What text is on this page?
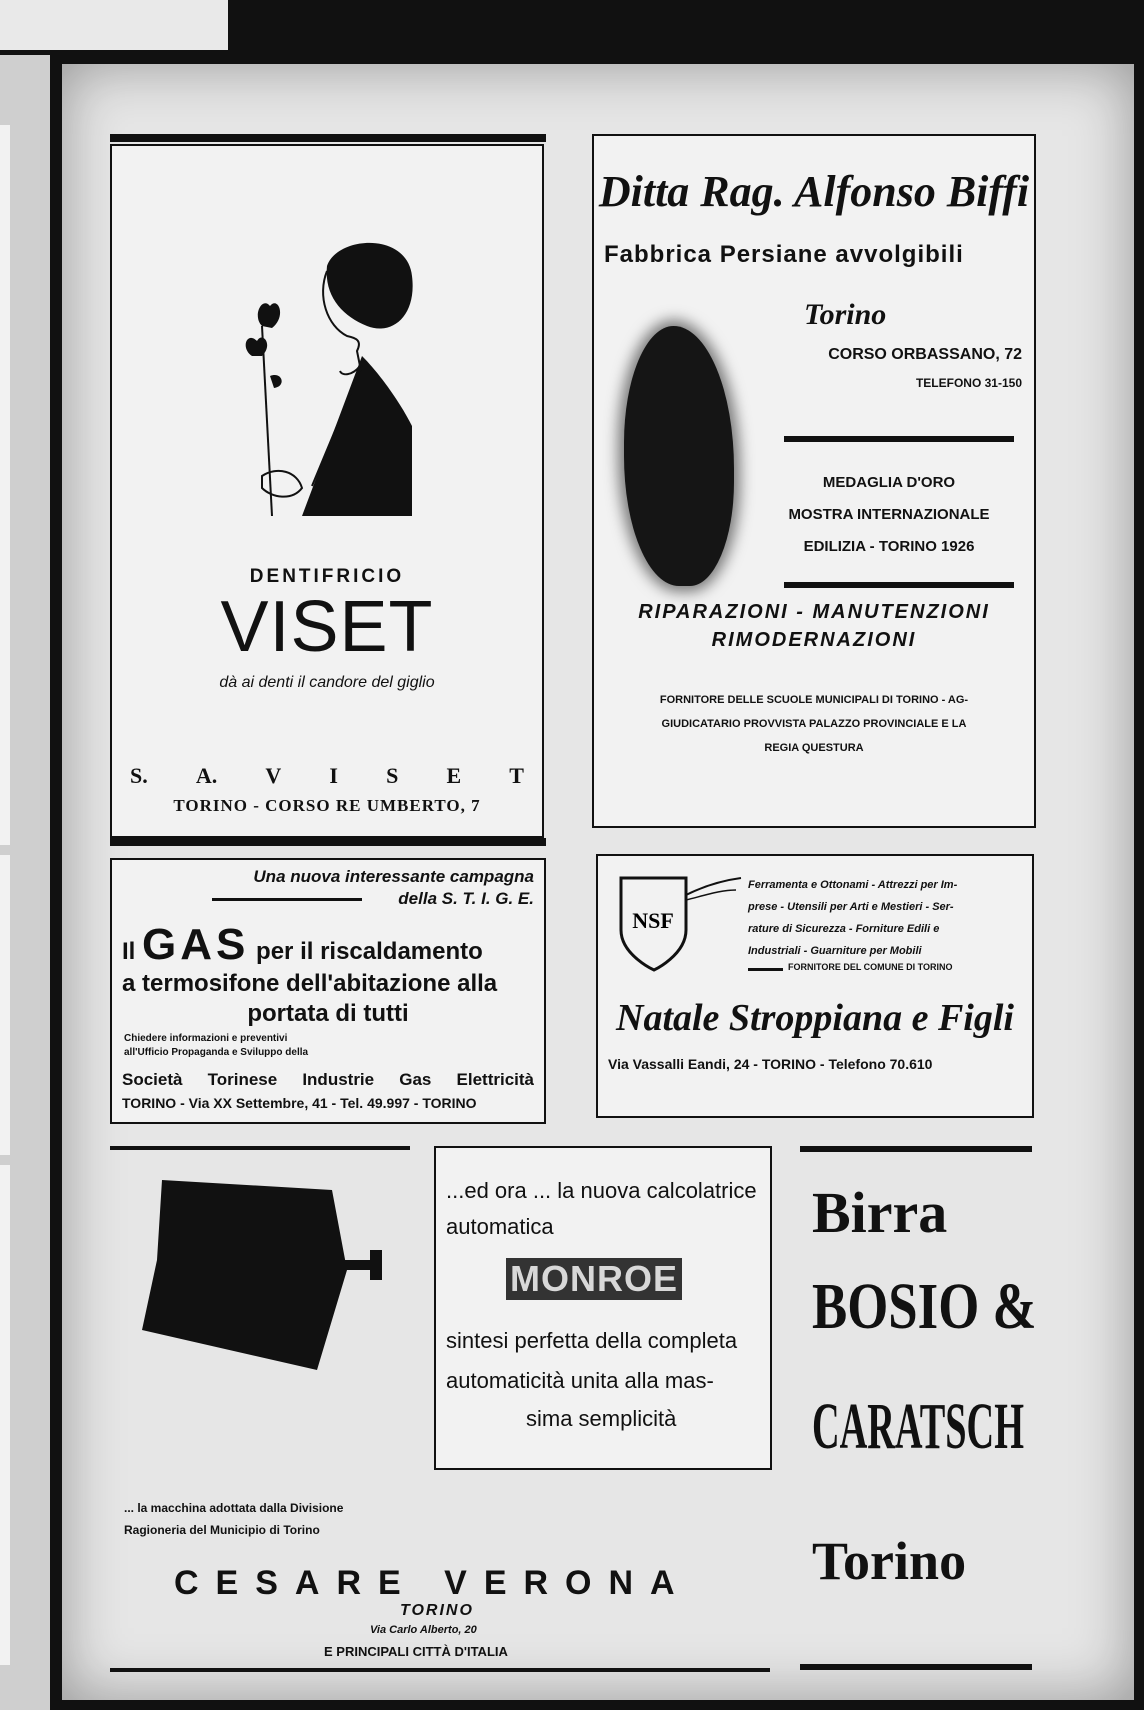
DENTIFRICIO
VISET
dà ai denti il candore del giglio
S. A. V I S E T
TORINO - CORSO RE UMBERTO, 7
Ditta Rag. Alfonso Biffi
Fabbrica Persiane avvolgibili
Torino
CORSO ORBASSANO, 72
TELEFONO 31-150
MEDAGLIA D'ORO
MOSTRA INTERNAZIONALE
EDILIZIA - TORINO 1926
RIPARAZIONI - MANUTENZIONI
RIMODERNAZIONI
FORNITORE DELLE SCUOLE MUNICIPALI DI TORINO - AG-
GIUDICATARIO PROVVISTA PALAZZO PROVINCIALE E LA
REGIA QUESTURA
Una nuova interessante campagna
della S. T. I. G. E.
Il GAS per il riscaldamento
a termosifone dell'abitazione alla
portata di tutti
Chiedere informazioni e preventivi
all'Ufficio Propaganda e Sviluppo della
Società Torinese Industrie Gas Elettricità
TORINO - Via XX Settembre, 41 - Tel. 49.997 - TORINO
NSF
Ferramenta e Ottonami - Attrezzi per Im-
prese - Utensili per Arti e Mestieri - Ser-
rature di Sicurezza - Forniture Edili e
Industriali - Guarniture per Mobili
FORNITORE DEL COMUNE DI TORINO
Natale Stroppiana e Figli
Via Vassalli Eandi, 24 - TORINO - Telefono 70.610
...ed ora ... la nuova calcolatrice
automatica
MONROE
sintesi perfetta della completa
automaticità unita alla mas-
sima semplicità
... la macchina adottata dalla Divisione
Ragioneria del Municipio di Torino
CESARE VERONA
TORINO
Via Carlo Alberto, 20
E PRINCIPALI CITTÀ D'ITALIA
Birra
BOSIO &
CARATSCH
Torino
